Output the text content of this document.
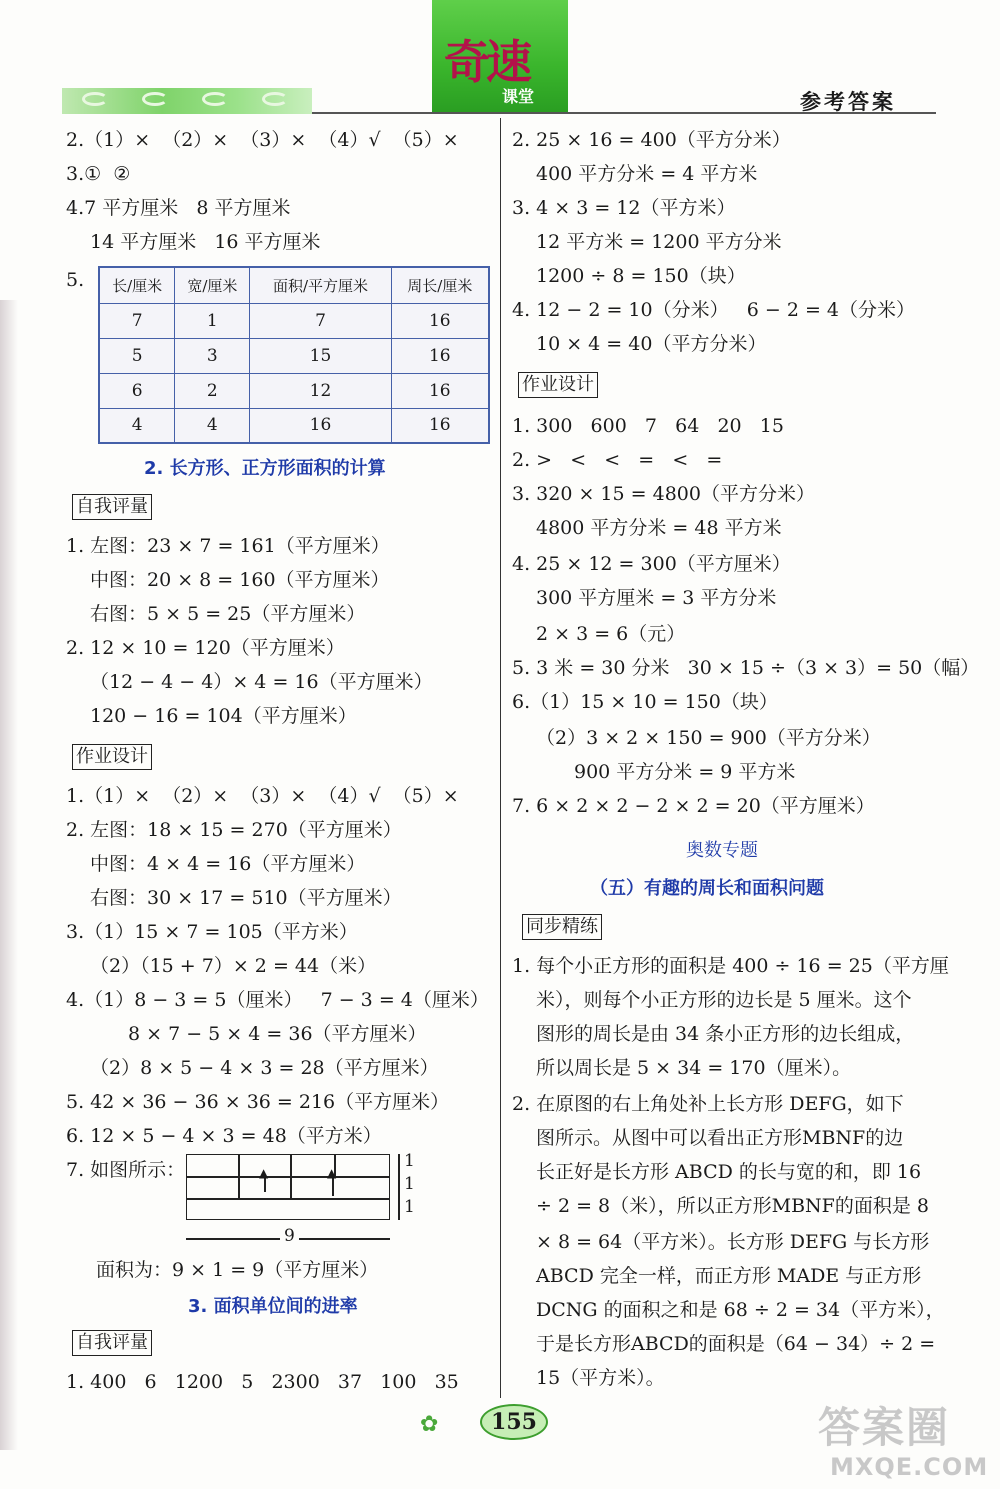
奇速
课堂	参考答案
2.（1）×  （2）×  （3）×  （4）√  （5）×
3.①  ②
4.7 平方厘米   8 平方厘米
14 平方厘米   16 平方厘米
5. 长/厘米	宽/厘米	面积/平方厘米	周长/厘米
7	1	7	16
5	3	15	16
6	2	12	16
4	4	16	16
2. 长方形、正方形面积的计算
自我评量
1. 左图：23 × 7 = 161（平方厘米）
中图：20 × 8 = 160（平方厘米）
右图：5 × 5 = 25（平方厘米）
2. 12 × 10 = 120（平方厘米）
（12 − 4 − 4）× 4 = 16（平方厘米）
120 − 16 = 104（平方厘米）
作业设计
1.（1）×  （2）×  （3）×  （4）√  （5）×
2. 左图：18 × 15 = 270（平方厘米）
中图：4 × 4 = 16（平方厘米）
右图：30 × 17 = 510（平方厘米）
3.（1）15 × 7 = 105（平方米）
（2）（15 + 7）× 2 = 44（米）
4.（1）8 − 3 = 5（厘米）   7 − 3 = 4（厘米）
8 × 7 − 5 × 4 = 36（平方厘米）
（2）8 × 5 − 4 × 3 = 28（平方厘米）
5. 42 × 36 − 36 × 36 = 216（平方厘米）
6. 12 × 5 − 4 × 3 = 48（平方米）
7. 如图所示：	▲	▲
1
1
1
9
面积为：9 × 1 = 9（平方厘米）
3. 面积单位间的进率
自我评量
1. 400   6   1200   5   2300   37   100   35
2. 25 × 16 = 400（平方分米）
400 平方分米 = 4 平方米
3. 4 × 3 = 12（平方米）
12 平方米 = 1200 平方分米
1200 ÷ 8 = 150（块）
4. 12 − 2 = 10（分米）   6 − 2 = 4（分米）
10 × 4 = 40（平方分米）
作业设计
1. 300   600   7   64   20   15
2. >   <   <   =   <   =
3. 320 × 15 = 4800（平方分米）
4800 平方分米 = 48 平方米
4. 25 × 12 = 300（平方厘米）
300 平方厘米 = 3 平方分米
2 × 3 = 6（元）
5. 3 米 = 30 分米   30 × 15 ÷（3 × 3）= 50（幅）
6.（1）15 × 10 = 150（块）
（2）3 × 2 × 150 = 900（平方分米）
900 平方分米 = 9 平方米
7. 6 × 2 × 2 − 2 × 2 = 20（平方厘米）
奥数专题
（五）有趣的周长和面积问题
同步精练
1. 每个小正方形的面积是 400 ÷ 16 = 25（平方厘
米），则每个小正方形的边长是 5 厘米。这个
图形的周长是由 34 条小正方形的边长组成，
所以周长是 5 × 34 = 170（厘米）。
2. 在原图的右上角处补上长方形 DEFG，如下
图所示。从图中可以看出正方形MBNF的边
长正好是长方形 ABCD 的长与宽的和，即 16
÷ 2 = 8（米），所以正方形MBNF的面积是 8
× 8 = 64（平方米）。长方形 DEFG 与长方形
ABCD 完全一样，而正方形 MADE 与正方形
DCNG 的面积之和是 68 ÷ 2 = 34（平方米），
于是长方形ABCD的面积是（64 − 34）÷ 2 =
15（平方米）。
✿	155	答案圈
MXQE.COM
